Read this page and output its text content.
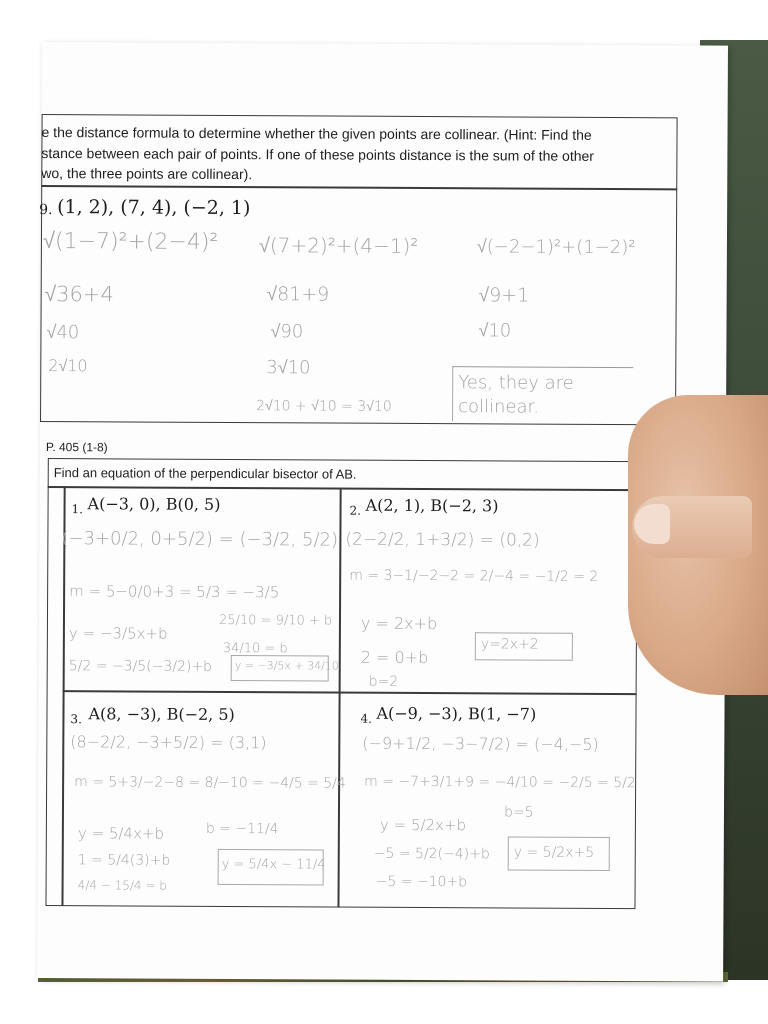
e the distance formula to determine whether the given points are collinear. (Hint: Find the
stance between each pair of points. If one of these points distance is the sum of the other
wo, the three points are collinear).
9. (1, 2), (7, 4), (−2, 1)
√(1−7)²+(2−4)²
√36+4
√40
2√10
√(7+2)²+(4−1)²
√81+9
√90
3√10
√(−2−1)²+(1−2)²
√9+1
√10
2√10 + √10 = 3√10
Yes, they are
collinear.
P. 405 (1-8)
Find an equation of the perpendicular bisector of AB.
1. A(−3, 0), B(0, 5)
(−3+0/2, 0+5/2) = (−3/2, 5/2)
m = 5−0/0+3 = 5/3 = −3/5
y = −3/5x+b
5/2 = −3/5(−3/2)+b
25/10 = 9/10 + b
34/10 = b
y = −3/5x + 34/10
2. A(2, 1), B(−2, 3)
(2−2/2, 1+3/2) = (0,2)
m = 3−1/−2−2 = 2/−4 = −1/2 = 2
y = 2x+b
2 = 0+b
b=2
y=2x+2
3. A(8, −3), B(−2, 5)
(8−2/2, −3+5/2) = (3,1)
m = 5+3/−2−8 = 8/−10 = −4/5 = 5/4
y = 5/4x+b
1 = 5/4(3)+b
4/4 − 15/4 = b
b = −11/4
y = 5/4x − 11/4
4. A(−9, −3), B(1, −7)
(−9+1/2, −3−7/2) = (−4,−5)
m = −7+3/1+9 = −4/10 = −2/5 = 5/2
y = 5/2x+b
−5 = 5/2(−4)+b
−5 = −10+b
b=5
y = 5/2x+5
